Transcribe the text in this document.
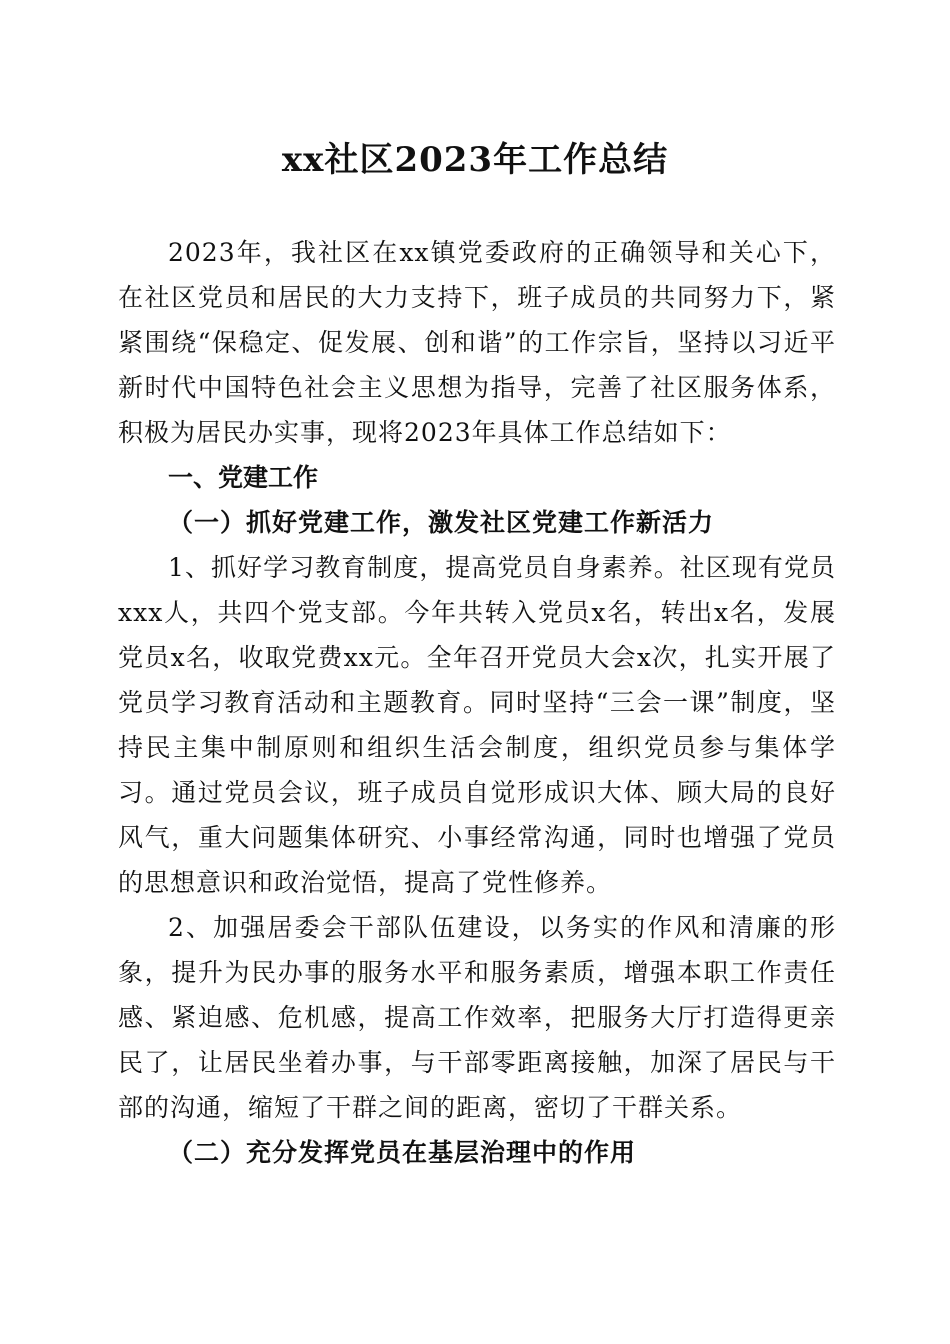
xx社区2023年工作总结

2023年，我社区在xx镇党委政府的正确领导和关心下，在社区党员和居民的大力支持下，班子成员的共同努力下，紧紧围绕“保稳定、促发展、创和谐”的工作宗旨，坚持以习近平新时代中国特色社会主义思想为指导，完善了社区服务体系，积极为居民办实事，现将2023年具体工作总结如下：

一、党建工作

（一）抓好党建工作，激发社区党建工作新活力

1、抓好学习教育制度，提高党员自身素养。社区现有党员xxx人，共四个党支部。今年共转入党员x名，转出x名，发展党员x名，收取党费xx元。全年召开党员大会x次，扎实开展了党员学习教育活动和主题教育。同时坚持“三会一课”制度，坚持民主集中制原则和组织生活会制度，组织党员参与集体学习。通过党员会议，班子成员自觉形成识大体、顾大局的良好风气，重大问题集体研究、小事经常沟通，同时也增强了党员的思想意识和政治觉悟，提高了党性修养。

2、加强居委会干部队伍建设，以务实的作风和清廉的形象，提升为民办事的服务水平和服务素质，增强本职工作责任感、紧迫感、危机感，提高工作效率，把服务大厅打造得更亲民了，让居民坐着办事，与干部零距离接触，加深了居民与干部的沟通，缩短了干群之间的距离，密切了干群关系。

（二）充分发挥党员在基层治理中的作用
